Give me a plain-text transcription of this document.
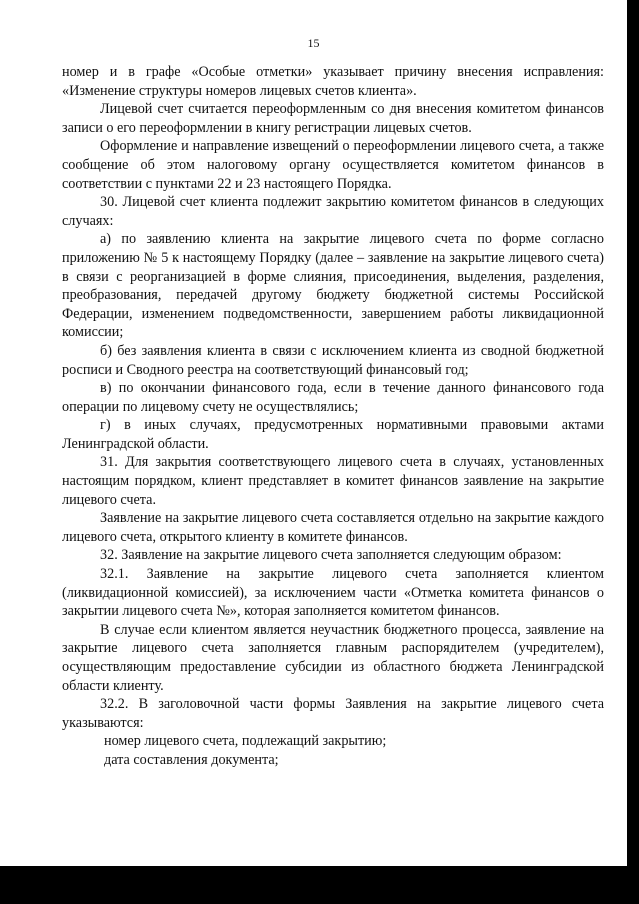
15

номер и в графе «Особые отметки» указывает причину внесения исправления: «Изменение структуры номеров лицевых счетов клиента».

Лицевой счет считается переоформленным со дня внесения комитетом финансов записи о его переоформлении в книгу регистрации лицевых счетов.

Оформление и направление извещений о переоформлении лицевого счета, а также сообщение об этом налоговому органу осуществляется комитетом финансов в соответствии с пунктами 22 и 23 настоящего Порядка.

30. Лицевой счет клиента подлежит закрытию комитетом финансов в следующих случаях:

а) по заявлению клиента на закрытие лицевого счета по форме согласно приложению № 5 к настоящему Порядку (далее – заявление на закрытие лицевого счета) в связи с реорганизацией в форме слияния, присоединения, выделения, разделения, преобразования, передачей другому бюджету бюджетной системы Российской Федерации, изменением подведомственности, завершением работы ликвидационной комиссии;

б) без заявления клиента в связи с исключением клиента из сводной бюджетной росписи и Сводного реестра на соответствующий финансовый год;

в) по окончании финансового года, если в течение данного финансового года операции по лицевому счету не осуществлялись;

г) в иных случаях, предусмотренных нормативными правовыми актами Ленинградской области.

31. Для закрытия соответствующего лицевого счета в случаях, установленных настоящим порядком, клиент представляет в комитет финансов заявление на закрытие лицевого счета.

Заявление на закрытие лицевого счета составляется отдельно на закрытие каждого лицевого счета, открытого клиенту в комитете финансов.

32. Заявление на закрытие лицевого счета заполняется следующим образом:

32.1. Заявление на закрытие лицевого счета заполняется клиентом (ликвидационной комиссией), за исключением части «Отметка комитета финансов о закрытии лицевого счета №», которая заполняется комитетом финансов.

В случае если клиентом является неучастник бюджетного процесса, заявление на закрытие лицевого счета заполняется главным распорядителем (учредителем), осуществляющим предоставление субсидии из областного бюджета Ленинградской области клиенту.

32.2. В заголовочной части формы Заявления на закрытие лицевого счета указываются:

номер лицевого счета, подлежащий закрытию;

дата составления документа;
